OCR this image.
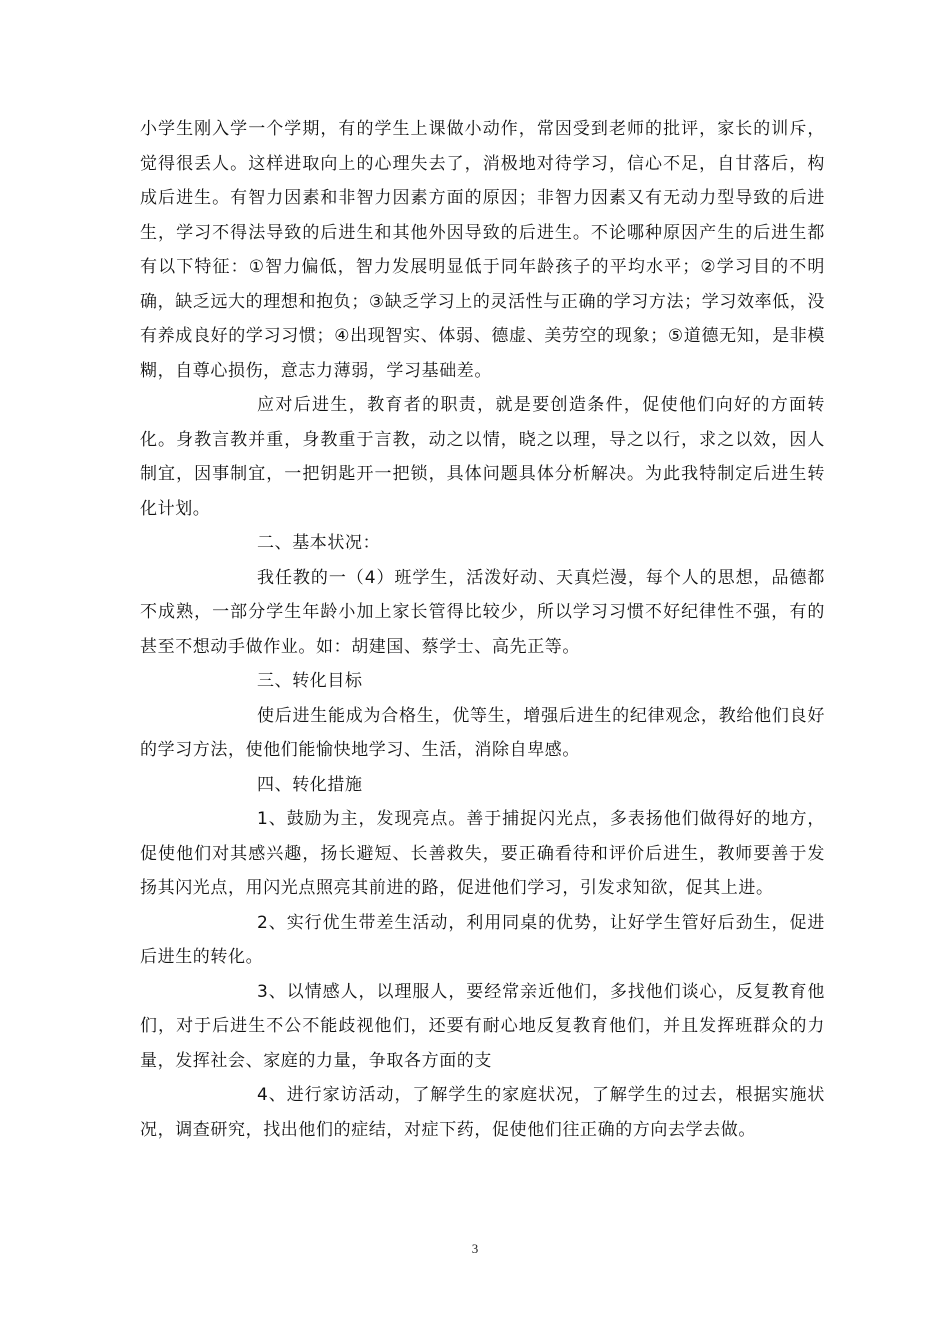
小学生刚入学一个学期，有的学生上课做小动作，常因受到老师的批评，家长的训斥，觉得很丢人。这样进取向上的心理失去了，消极地对待学习，信心不足，自甘落后，构成后进生。有智力因素和非智力因素方面的原因；非智力因素又有无动力型导致的后进生，学习不得法导致的后进生和其他外因导致的后进生。不论哪种原因产生的后进生都有以下特征：①智力偏低，智力发展明显低于同年龄孩子的平均水平；②学习目的不明确，缺乏远大的理想和抱负；③缺乏学习上的灵活性与正确的学习方法；学习效率低，没有养成良好的学习习惯；④出现智实、体弱、德虚、美劳空的现象；⑤道德无知，是非模糊，自尊心损伤，意志力薄弱，学习基础差。

应对后进生，教育者的职责，就是要创造条件，促使他们向好的方面转化。身教言教并重，身教重于言教，动之以情，晓之以理，导之以行，求之以效，因人制宜，因事制宜，一把钥匙开一把锁，具体问题具体分析解决。为此我特制定后进生转化计划。

二、基本状况：

我任教的一（4）班学生，活泼好动、天真烂漫，每个人的思想，品德都不成熟，一部分学生年龄小加上家长管得比较少，所以学习习惯不好纪律性不强，有的甚至不想动手做作业。如：胡建国、蔡学士、高先正等。

三、转化目标

使后进生能成为合格生，优等生，增强后进生的纪律观念，教给他们良好的学习方法，使他们能愉快地学习、生活，消除自卑感。

四、转化措施

1、鼓励为主，发现亮点。善于捕捉闪光点，多表扬他们做得好的地方，促使他们对其感兴趣，扬长避短、长善救失，要正确看待和评价后进生，教师要善于发扬其闪光点，用闪光点照亮其前进的路，促进他们学习，引发求知欲，促其上进。

2、实行优生带差生活动，利用同桌的优势，让好学生管好后劲生，促进后进生的转化。

3、以情感人，以理服人，要经常亲近他们，多找他们谈心，反复教育他们，对于后进生不公不能歧视他们，还要有耐心地反复教育他们，并且发挥班群众的力量，发挥社会、家庭的力量，争取各方面的支

4、进行家访活动，了解学生的家庭状况，了解学生的过去，根据实施状况，调查研究，找出他们的症结，对症下药，促使他们往正确的方向去学去做。

3
